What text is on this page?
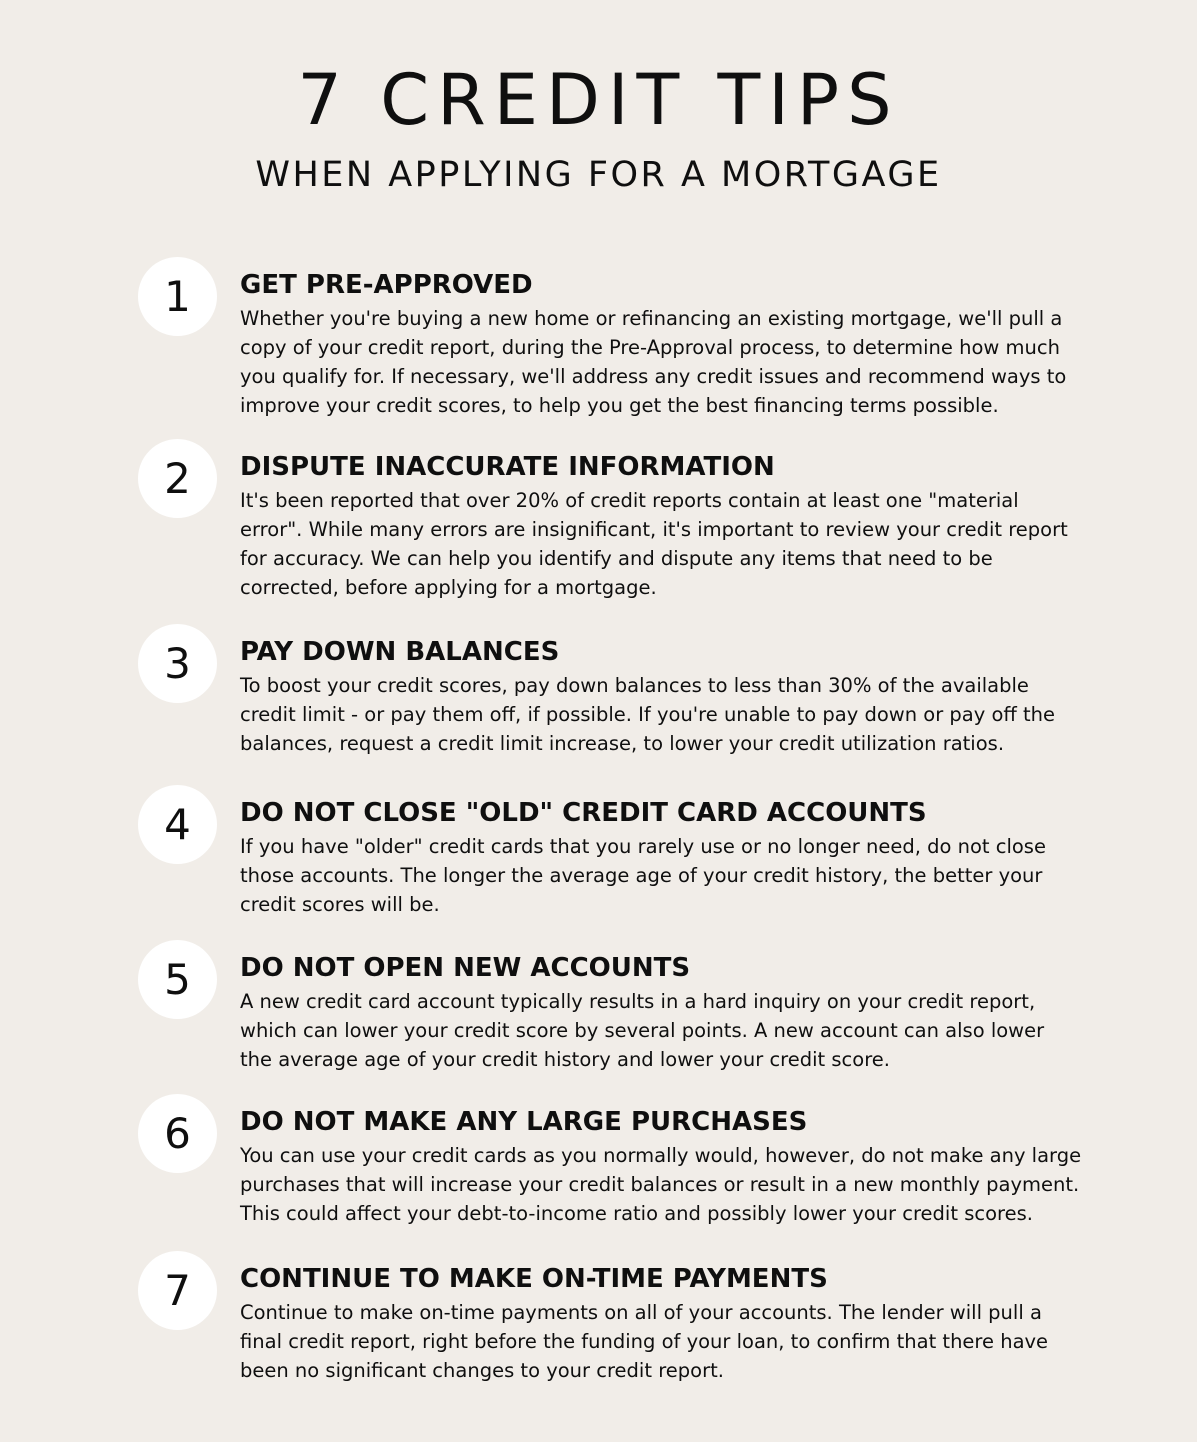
7 CREDIT TIPS
WHEN APPLYING FOR A MORTGAGE
1	GET PRE-APPROVED

Whether you're buying a new home or refinancing an existing mortgage, we'll pull a
copy of your credit report, during the Pre-Approval process, to determine how much
you qualify for. If necessary, we'll address any credit issues and recommend ways to
improve your credit scores, to help you get the best financing terms possible.

2	DISPUTE INACCURATE INFORMATION

It's been reported that over 20% of credit reports contain at least one "material
error". While many errors are insignificant, it's important to review your credit report
for accuracy. We can help you identify and dispute any items that need to be
corrected, before applying for a mortgage.

3	PAY DOWN BALANCES

To boost your credit scores, pay down balances to less than 30% of the available
credit limit - or pay them off, if possible. If you're unable to pay down or pay off the
balances, request a credit limit increase, to lower your credit utilization ratios.

4	DO NOT CLOSE "OLD" CREDIT CARD ACCOUNTS

If you have "older" credit cards that you rarely use or no longer need, do not close
those accounts. The longer the average age of your credit history, the better your
credit scores will be.

5	DO NOT OPEN NEW ACCOUNTS

A new credit card account typically results in a hard inquiry on your credit report,
which can lower your credit score by several points. A new account can also lower
the average age of your credit history and lower your credit score.

6	DO NOT MAKE ANY LARGE PURCHASES

You can use your credit cards as you normally would, however, do not make any large
purchases that will increase your credit balances or result in a new monthly payment.
This could affect your debt-to-income ratio and possibly lower your credit scores.

7	CONTINUE TO MAKE ON-TIME PAYMENTS

Continue to make on-time payments on all of your accounts. The lender will pull a
final credit report, right before the funding of your loan, to confirm that there have
been no significant changes to your credit report.
